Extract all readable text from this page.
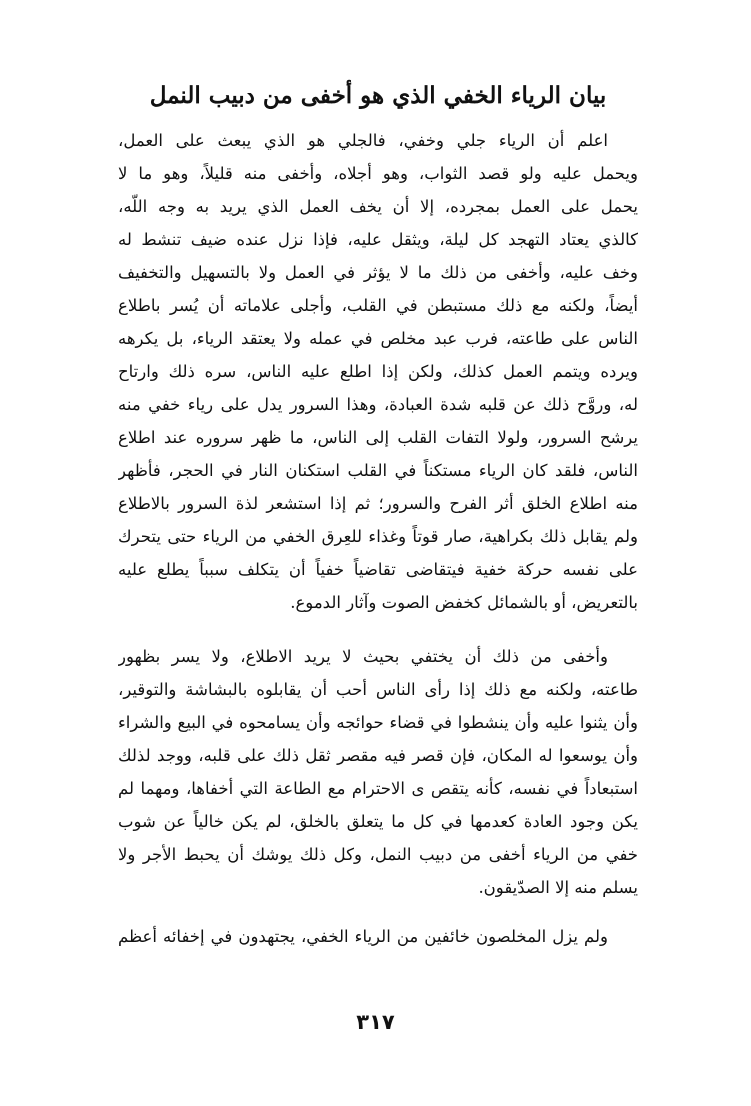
بيان الرياء الخفي الذي هو أخفى من دبيب النمل
اعلم أن الرياء جلي وخفي، فالجلي هو الذي يبعث على العمل،
ويحمل عليه ولو قصد الثواب، وهو أجلاه، وأخفى منه قليلاً، وهو ما لا
يحمل على العمل بمجرده، إلا أن يخف العمل الذي يريد به وجه اللّه،
كالذي يعتاد التهجد كل ليلة، ويثقل عليه، فإذا نزل عنده ضيف تنشط له
وخف عليه، وأخفى من ذلك ما لا يؤثر في العمل ولا بالتسهيل والتخفيف
أيضاً، ولكنه مع ذلك مستبطن في القلب، وأجلى علاماته أن يُسر باطلاع
الناس على طاعته، فرب عبد مخلص في عمله ولا يعتقد الرياء، بل يكرهه
ويرده ويتمم العمل كذلك، ولكن إذا اطلع عليه الناس، سره ذلك وارتاح
له، وروَّح ذلك عن قلبه شدة العبادة، وهذا السرور يدل على رياء خفي منه
يرشح السرور، ولولا التفات القلب إلى الناس، ما ظهر سروره عند اطلاع
الناس، فلقد كان الرياء مستكناً في القلب استكنان النار في الحجر، فأظهر
منه اطلاع الخلق أثر الفرح والسرور؛ ثم إذا استشعر لذة السرور بالاطلاع
ولم يقابل ذلك بكراهية، صار قوتاً وغذاء للعِرق الخفي من الرياء حتى يتحرك
على نفسه حركة خفية فيتقاضى تقاضياً خفياً أن يتكلف سبباً يطلع عليه
بالتعريض، أو بالشمائل كخفض الصوت وآثار الدموع.
وأخفى من ذلك أن يختفي بحيث لا يريد الاطلاع، ولا يسر بظهور
طاعته، ولكنه مع ذلك إذا رأى الناس أحب أن يقابلوه بالبشاشة والتوقير،
وأن يثنوا عليه وأن ينشطوا في قضاء حوائجه وأن يسامحوه في البيع والشراء
وأن يوسعوا له المكان، فإن قصر فيه مقصر ثقل ذلك على قلبه، ووجد لذلك
استبعاداً في نفسه، كأنه يتقص ى الاحترام مع الطاعة التي أخفاها، ومهما لم
يكن وجود العادة كعدمها في كل ما يتعلق بالخلق، لم يكن خالياً عن شوب
خفي من الرياء أخفى من دبيب النمل، وكل ذلك يوشك أن يحبط الأجر ولا
يسلم منه إلا الصدّيقون.
ولم يزل المخلصون خائفين من الرياء الخفي، يجتهدون في إخفائه أعظم
٣١٧
